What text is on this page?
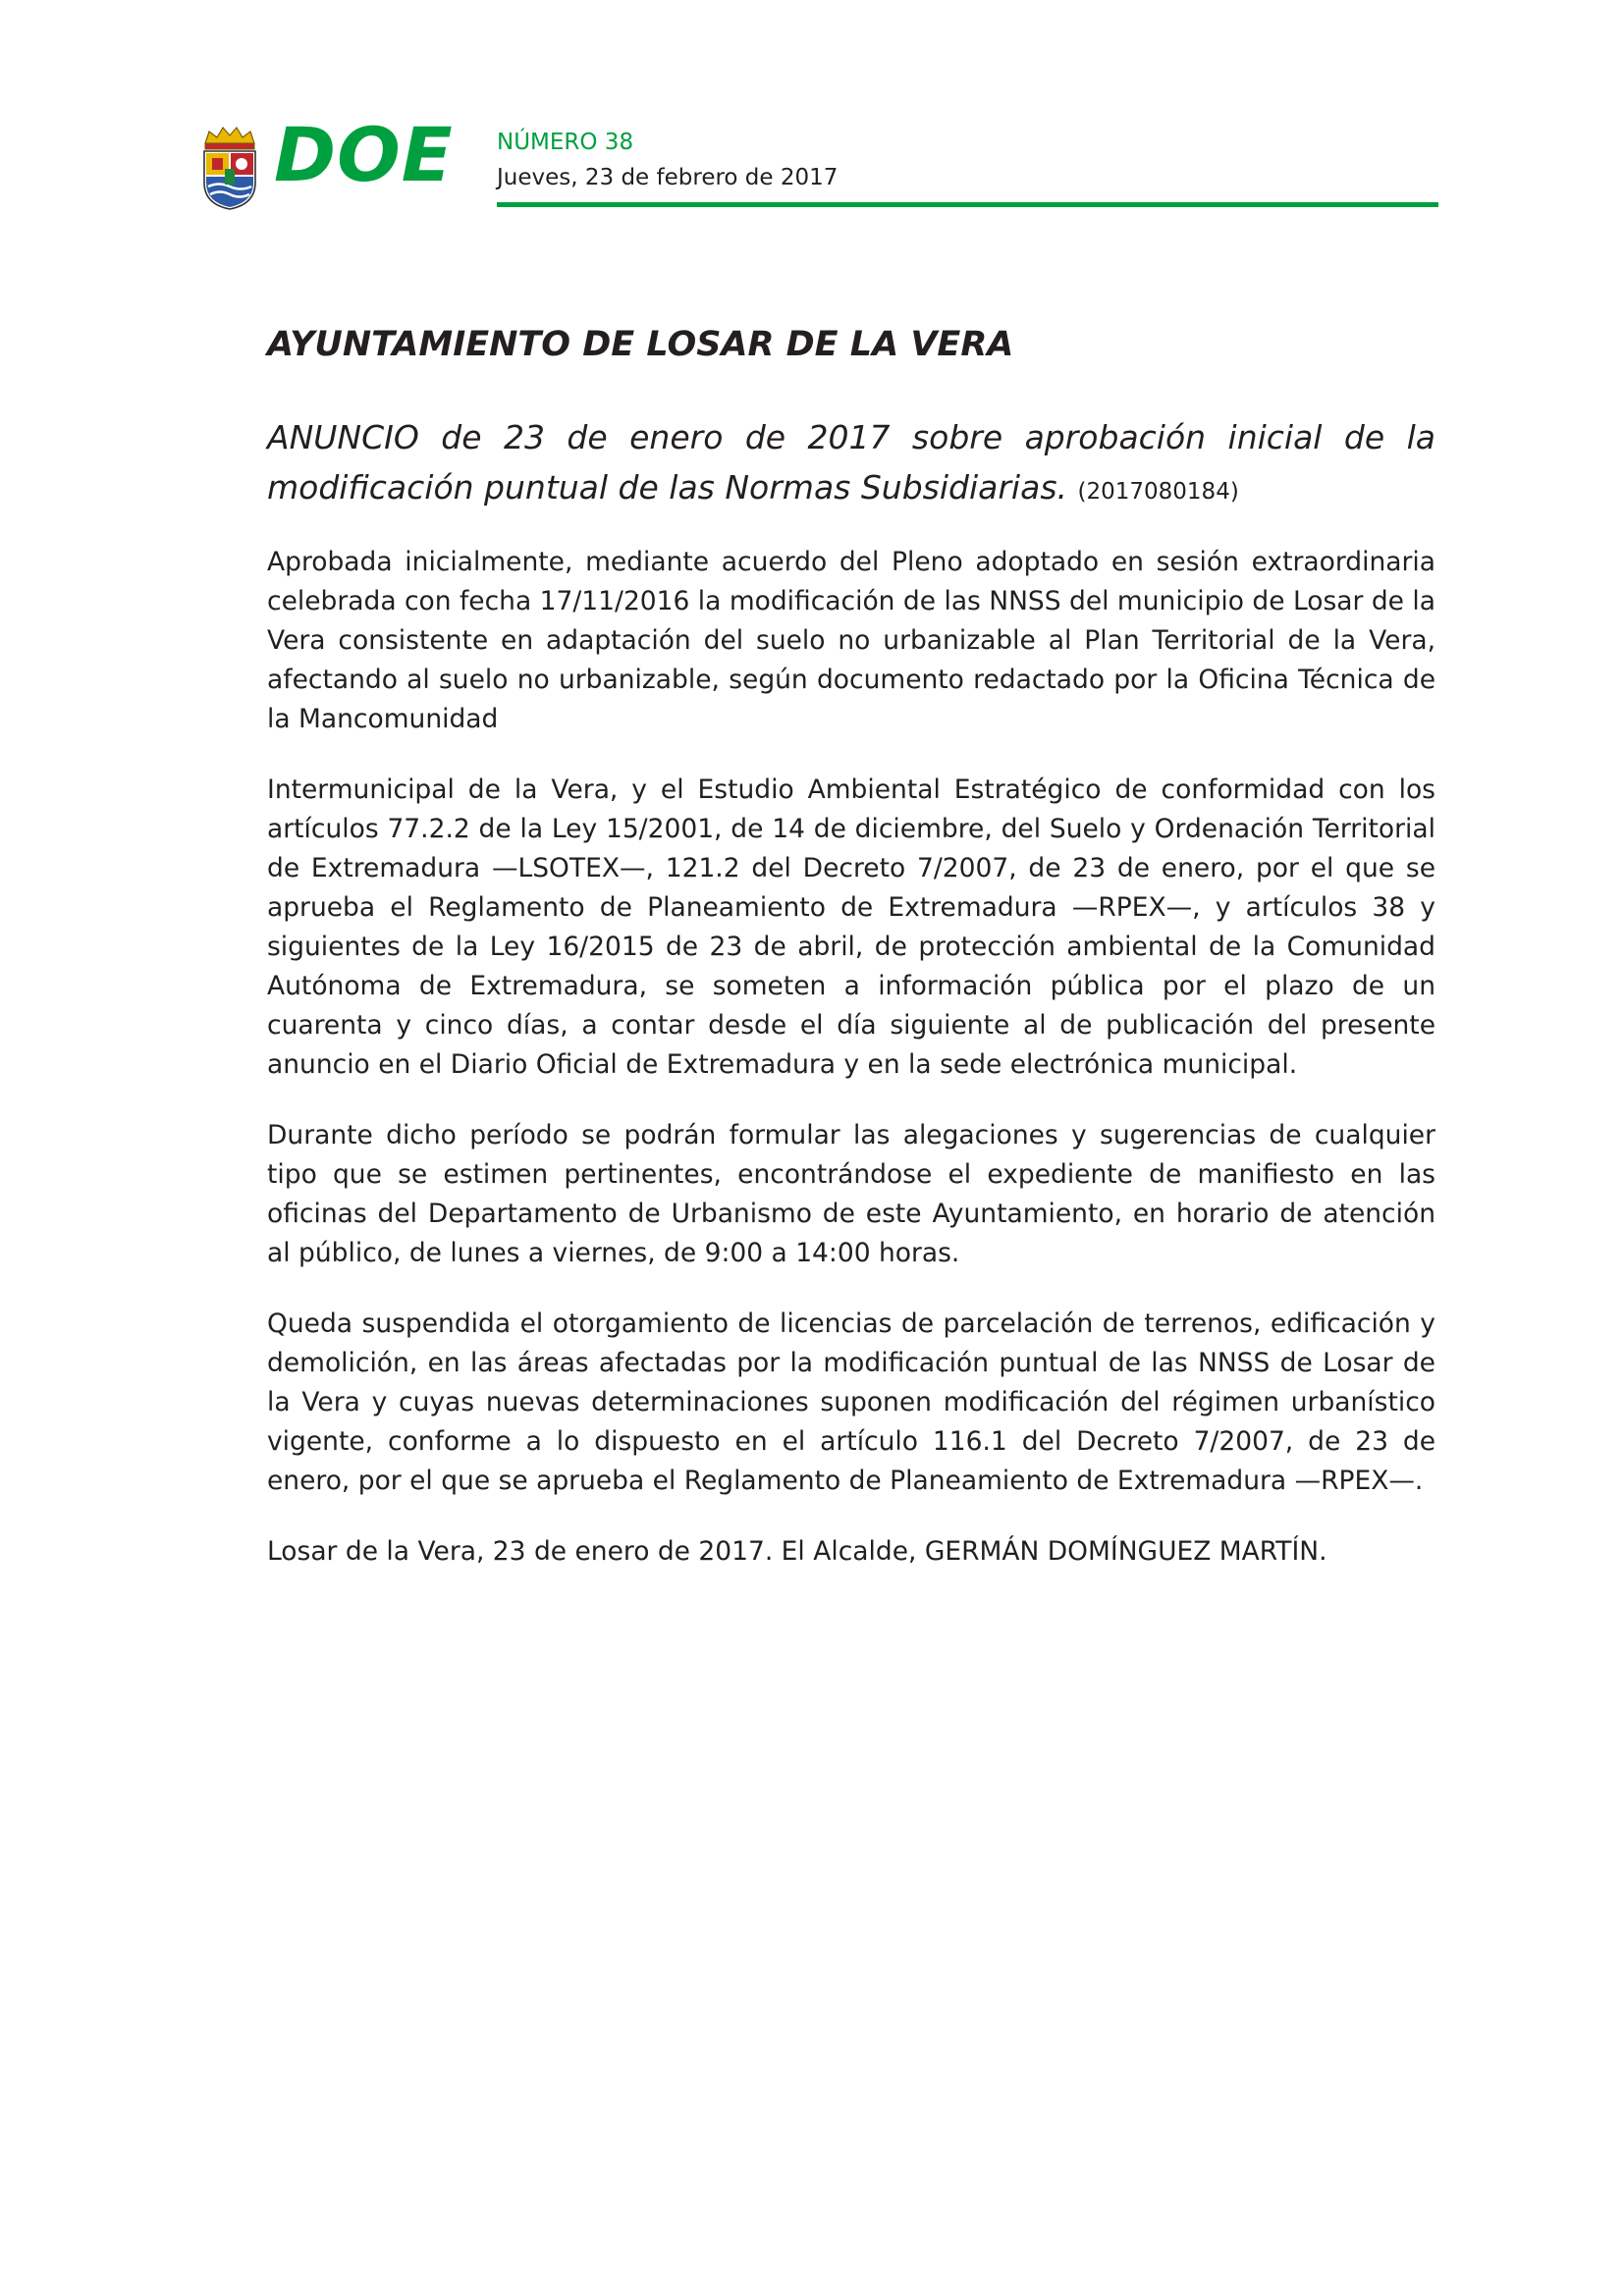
DOE NÚMERO 38
Jueves, 23 de febrero de 2017
AYUNTAMIENTO DE LOSAR DE LA VERA

ANUNCIO de 23 de enero de 2017 sobre aprobación inicial de la modificación puntual de las Normas Subsidiarias. (2017080184)

Aprobada inicialmente, mediante acuerdo del Pleno adoptado en sesión extraordinaria celebrada con fecha 17/11/2016 la modificación de las NNSS del municipio de Losar de la Vera consistente en adaptación del suelo no urbanizable al Plan Territorial de la Vera, afectando al suelo no urbanizable, según documento redactado por la Oficina Técnica de la Mancomunidad

Intermunicipal de la Vera, y el Estudio Ambiental Estratégico de conformidad con los artículos 77.2.2 de la Ley 15/2001, de 14 de diciembre, del Suelo y Ordenación Territorial de Extremadura —LSOTEX—, 121.2 del Decreto 7/2007, de 23 de enero, por el que se aprueba el Reglamento de Planeamiento de Extremadura —RPEX—, y artículos 38 y siguientes de la Ley 16/2015 de 23 de abril, de protección ambiental de la Comunidad Autónoma de Extremadura, se someten a información pública por el plazo de un cuarenta y cinco días, a contar desde el día siguiente al de publicación del presente anuncio en el Diario Oficial de Extremadura y en la sede electrónica municipal.

Durante dicho período se podrán formular las alegaciones y sugerencias de cualquier tipo que se estimen pertinentes, encontrándose el expediente de manifiesto en las oficinas del Departamento de Urbanismo de este Ayuntamiento, en horario de atención al público, de lunes a viernes, de 9:00 a 14:00 horas.

Queda suspendida el otorgamiento de licencias de parcelación de terrenos, edificación y demolición, en las áreas afectadas por la modificación puntual de las NNSS de Losar de la Vera y cuyas nuevas determinaciones suponen modificación del régimen urbanístico vigente, conforme a lo dispuesto en el artículo 116.1 del Decreto 7/2007, de 23 de enero, por el que se aprueba el Reglamento de Planeamiento de Extremadura —RPEX—.

Losar de la Vera, 23 de enero de 2017. El Alcalde, GERMÁN DOMÍNGUEZ MARTÍN.
